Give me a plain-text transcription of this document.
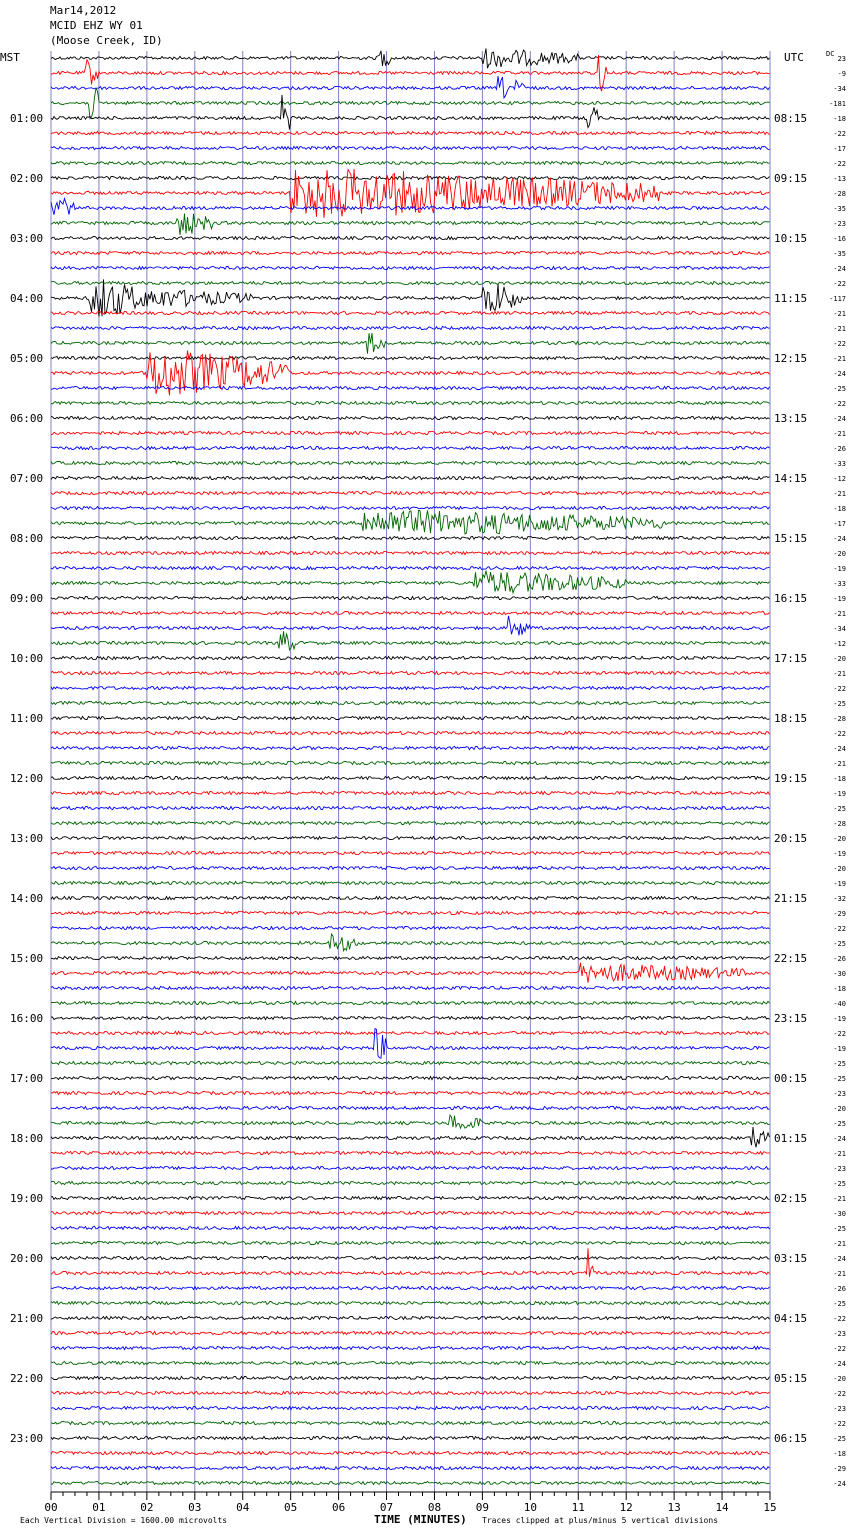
Mar14,2012
MCID EHZ WY 01
(Moose Creek, ID)
MST	UTC	DC
01:00
02:00
03:00
04:00
05:00
06:00
07:00
08:00
09:00
10:00
11:00
12:00
13:00
14:00
15:00
16:00
17:00
18:00
19:00
20:00
21:00
22:00
23:00
08:15
09:15
10:15
11:15
12:15
13:15
14:15
15:15
16:15
17:15
18:15
19:15
20:15
21:15
22:15
23:15
00:15
01:15
02:15
03:15
04:15
05:15
06:15
23
-9
-34
-181
-18
-22
-17
-22
-13
-28
-35
-23
-16
-35
-24
-22
-117
-21
-21
-22
-21
-24
-25
-22
-24
-21
-26
-33
-12
-21
-18
-17
-24
-20
-19
-33
-19
-21
-34
-12
-20
-21
-22
-25
-28
-22
-24
-21
-18
-19
-25
-28
-20
-19
-20
-19
-32
-29
-22
-25
-26
-30
-18
-40
-19
-22
-19
-25
-25
-23
-20
-25
-24
-21
-23
-25
-21
-30
-25
-21
-24
-21
-26
-25
-22
-23
-22
-24
-20
-22
-23
-22
-25
-18
-29
-24
00	01	02	03	04	05	06	07	08	09	10	11	12	13	14	15
Each Vertical Division = 1600.00 microvolts	TIME (MINUTES) Traces clipped at plus/minus 5 vertical divisions
